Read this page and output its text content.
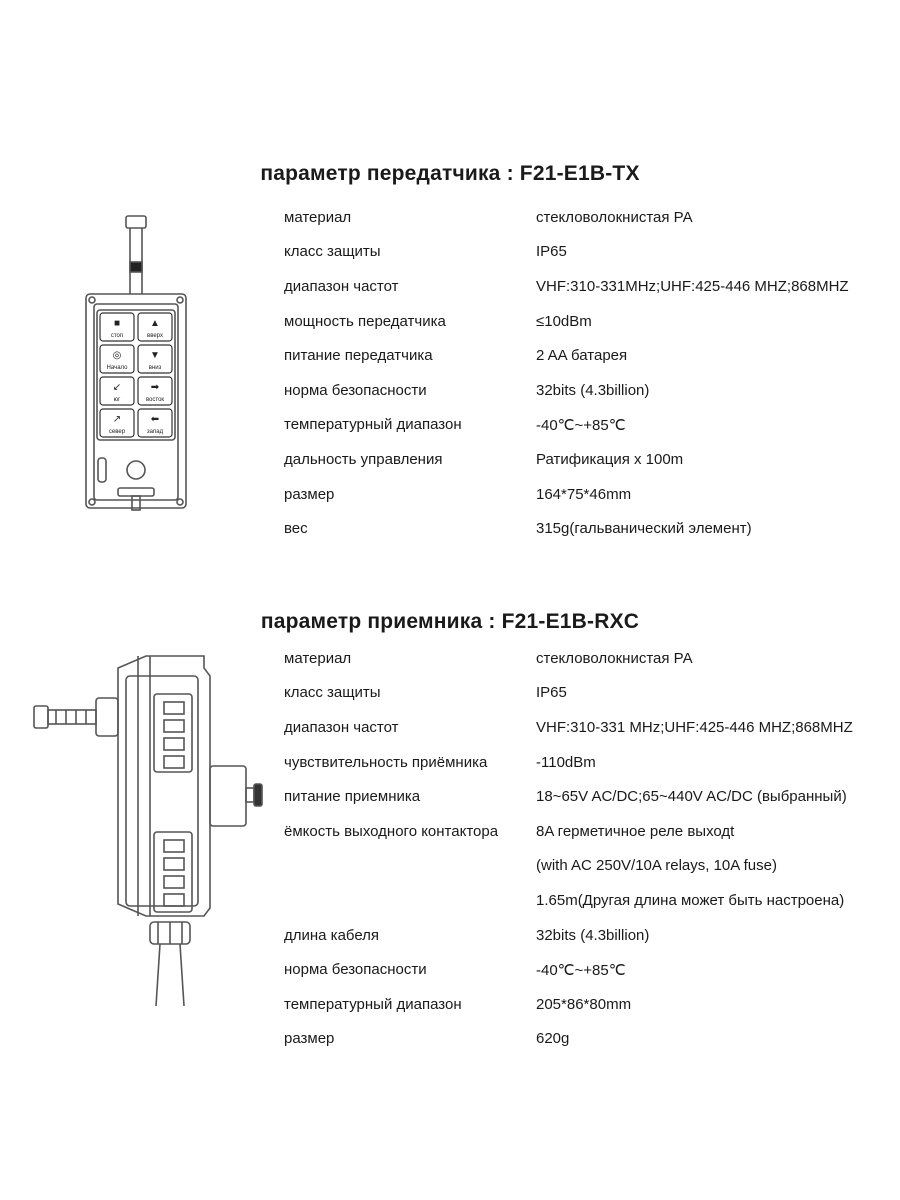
параметр передатчика : F21-E1B-TX
■
стоп
▲
вверх
◎
Начало
▼
вниз
↙
юг
➡
восток
↗
север
⬅
запад
материал	стекловолокнистая PA
класс защиты	IP65
диапазон частот	VHF:310-331MHz;UHF:425-446 MHZ;868MHZ
мощность передатчика	≤10dBm
питание передатчика	2 AA батарея
норма безопасности	32bits (4.3billion)
температурный диапазон	-40℃~+85℃
дальность управления	Ратификация х 100m
размер	164*75*46mm
вес	315g(гальванический элемент)
параметр приемника : F21-E1B-RXC
материал	стекловолокнистая PA
класс защиты	IP65
диапазон частот	VHF:310-331 MHz;UHF:425-446 MHZ;868MHZ
чувствительность приёмника	-110dBm
питание приемника	18~65V AC/DC;65~440V AC/DC (выбранный)
ёмкость выходного контактора	8A герметичное реле выходt
(with AC 250V/10A relays, 10A fuse)
1.65m(Другая длина может быть настроена)
длина кабеля	32bits (4.3billion)
норма безопасности	-40℃~+85℃
температурный диапазон	205*86*80mm
размер	620g
